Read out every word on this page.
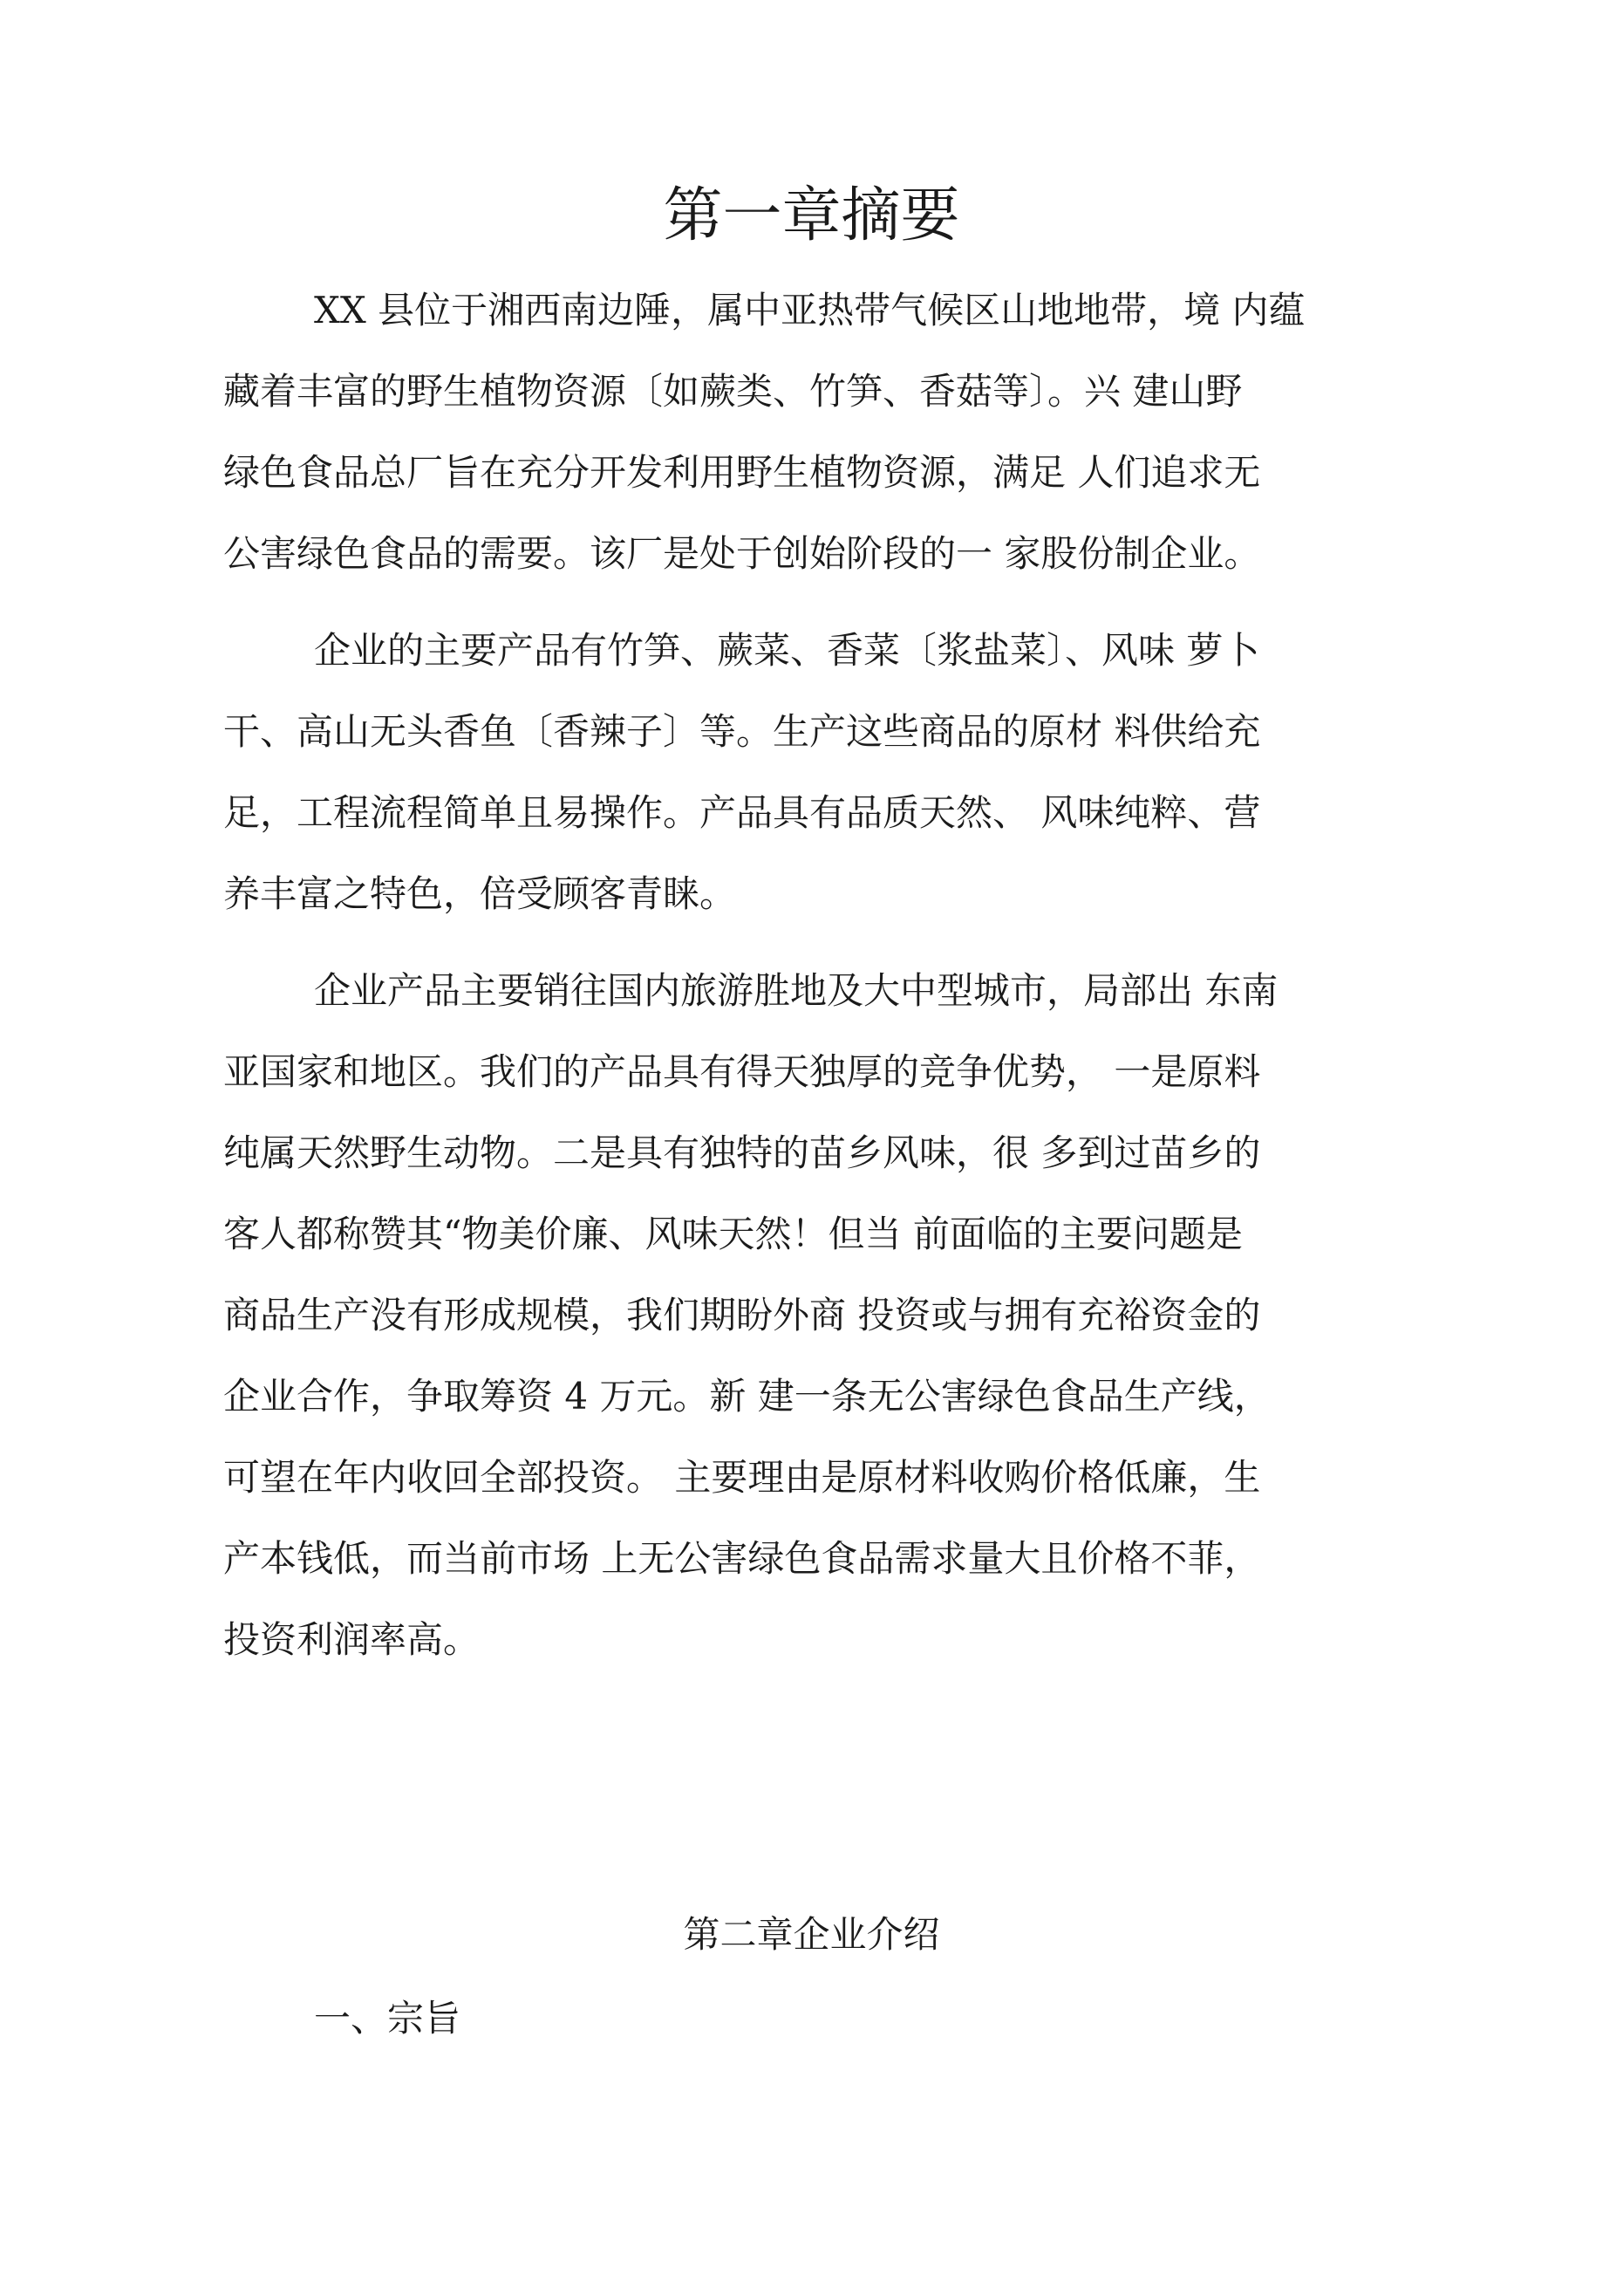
第一章摘要
XX 县位于湘西南边陲，属中亚热带气候区山地地带，境 内蕴
藏着丰富的野生植物资源〔如蕨类、竹笋、香菇等〕。兴 建山野
绿色食品总厂旨在充分开发利用野生植物资源，满足 人们追求无
公害绿色食品的需要。该厂是处于创始阶段的一 家股份制企业。
企业的主要产品有竹笋、蕨菜、香菜〔浆盐菜〕、风味 萝卜
干、高山无头香鱼〔香辣子〕等。生产这些商品的原材 料供给充
足，工程流程简单且易操作。产品具有品质天然、 风味纯粹、营
养丰富之特色，倍受顾客青睐。
企业产品主要销往国内旅游胜地及大中型城市，局部出 东南
亚国家和地区。我们的产品具有得天独厚的竞争优势， 一是原料
纯属天然野生动物。二是具有独特的苗乡风味，很 多到过苗乡的
客人都称赞其“物美价廉、风味天然！但当 前面临的主要问题是
商品生产没有形成规模，我们期盼外商 投资或与拥有充裕资金的
企业合作，争取筹资 4 万元。新 建一条无公害绿色食品生产线，
可望在年内收回全部投资。 主要理由是原材料收购价格低廉，生
产本钱低，而当前市场 上无公害绿色食品需求量大且价格不菲，
投资利润率高。
第二章企业介绍
一、宗旨
